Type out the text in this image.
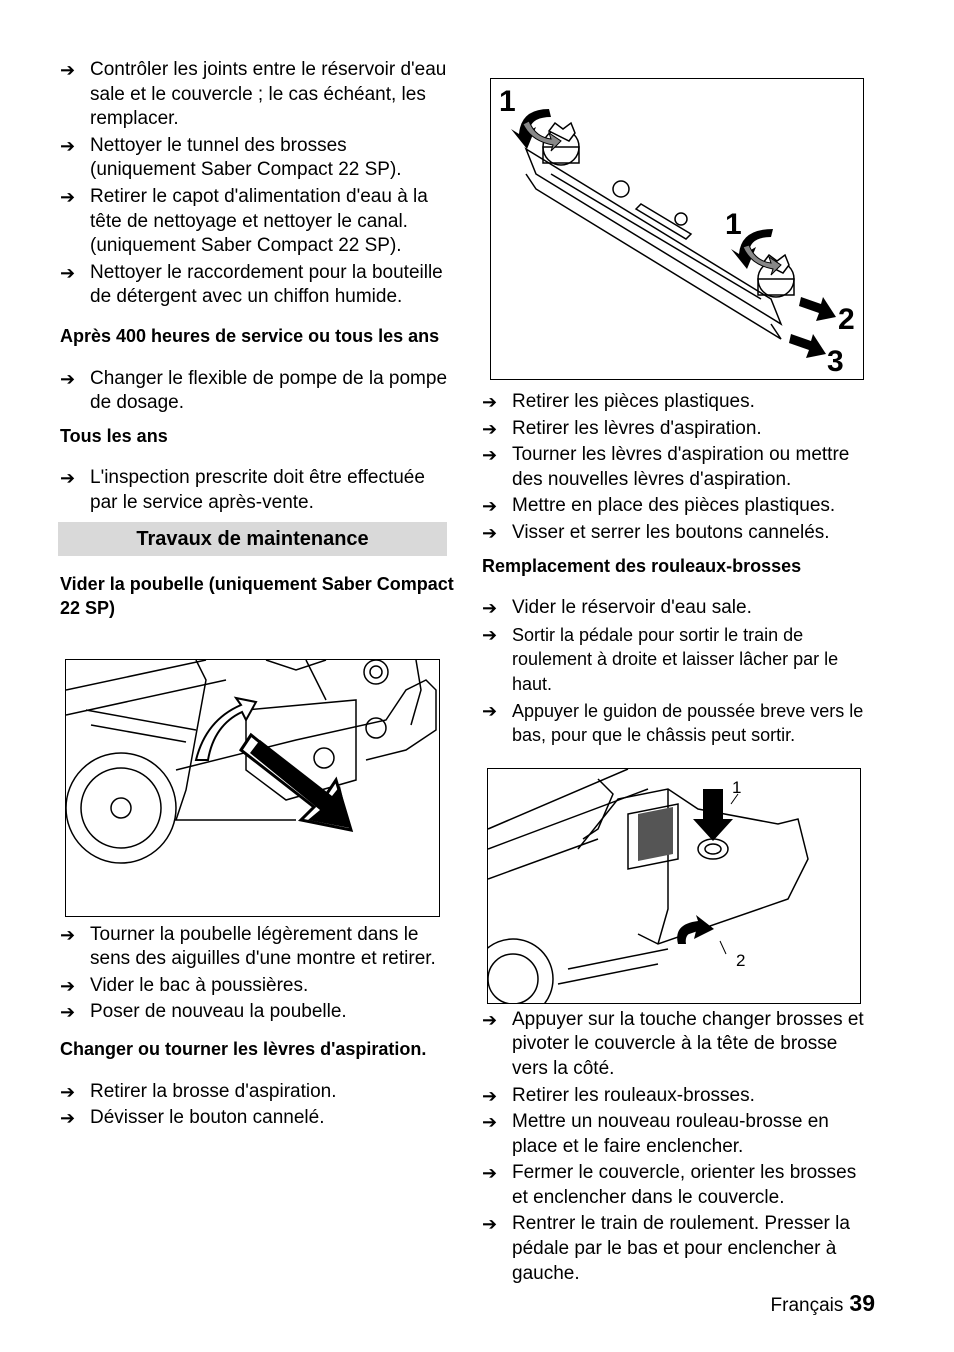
➔ Contrôler les joints entre le réservoir d'eau sale et le couvercle ; le cas échéant, les remplacer.
➔ Nettoyer le tunnel des brosses (uniquement Saber Compact 22 SP).
➔ Retirer le capot d'alimentation d'eau à la tête de nettoyage et nettoyer le canal. (uniquement Saber Compact 22 SP).
➔ Nettoyer le raccordement pour la bouteille de détergent avec un chiffon humide.
Après 400 heures de service ou tous les ans
➔ Changer le flexible de pompe de la pompe de dosage.
Tous les ans
➔ L'inspection prescrite doit être effectuée par le service après-vente.
Travaux de maintenance
Vider la poubelle (uniquement Saber Compact 22 SP)
➔ Tourner la poubelle légèrement dans le sens des aiguilles d'une montre et retirer.
➔ Vider le bac à poussières.
➔ Poser de nouveau la poubelle.
Changer ou tourner les lèvres d'aspiration.
➔ Retirer la brosse d'aspiration.
➔ Dévisser le bouton cannelé.
1
1
2
3
➔ Retirer les pièces plastiques.
➔ Retirer les lèvres d'aspiration.
➔ Tourner les lèvres d'aspiration ou mettre des nouvelles lèvres d'aspiration.
➔ Mettre en place des pièces plastiques.
➔ Visser et serrer les boutons cannelés.
Remplacement des rouleaux-brosses
➔ Vider le réservoir d'eau sale.
➔ Sortir la pédale pour sortir le train de roulement à droite et laisser lâcher par le haut.
➔ Appuyer le guidon de poussée breve vers le bas, pour que le châssis peut sortir.
1
2
➔ Appuyer sur la touche changer brosses et pivoter le couvercle à la tête de brosse vers la côté.
➔ Retirer les rouleaux-brosses.
➔ Mettre un nouveau rouleau-brosse en place et le faire enclencher.
➔ Fermer le couvercle, orienter les brosses et enclencher dans le couvercle.
➔ Rentrer le train de roulement. Presser la pédale par le bas et pour enclencher à gauche.
Français 39
